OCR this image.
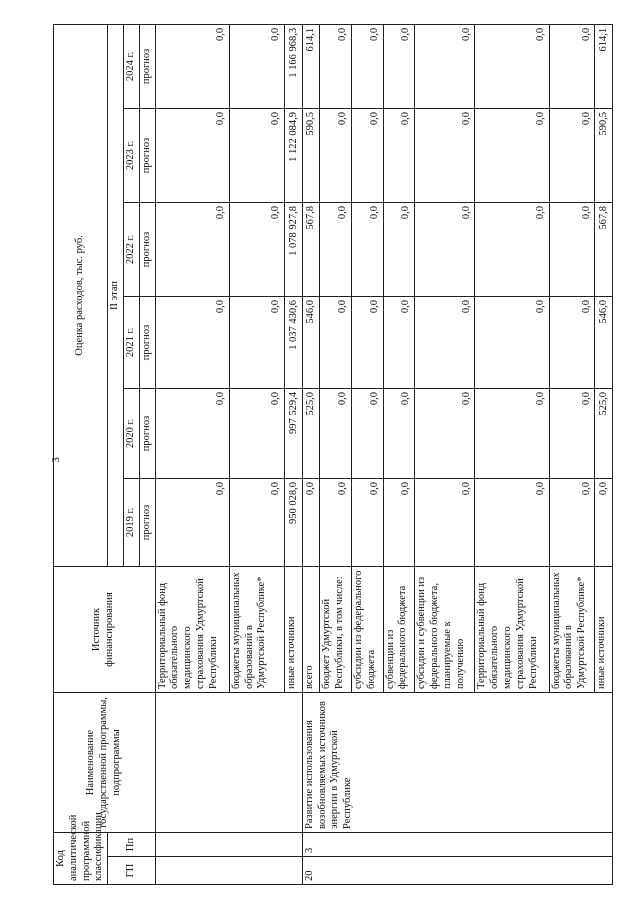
3
Код аналитической программной классификации		Наименование государственной программы, подпрограммы	Источник финансирования	Оценка расходов, тыс. руб.					
ГП	Пп			II этап					
				2019 г.	2020 г.	2021 г.	2022 г.	2023 г.	2024 г.
				прогноз	прогноз	прогноз	прогноз	прогноз	прогноз
			Территориальный фонд обязательного медицинского страхования Удмуртской Республики	0,0	0,0	0,0	0,0	0,0	0,0
			бюджеты муниципальных образований в Удмуртской Республике*	0,0	0,0	0,0	0,0	0,0	0,0
			иные источники	950 028,0	997 529,4	1 037 430,6	1 078 927,8	1 122 084,9	1 166 968,3
20	3	Развитие использования возобновляемых источников энергии в Удмуртской Республике	всего	0,0	525,0	546,0	567,8	590,5	614,1
			бюджет Удмуртской Республики, в том числе:	0,0	0,0	0,0	0,0	0,0	0,0
			субсидии из федерального бюджета	0,0	0,0	0,0	0,0	0,0	0,0
			субвенции из федерального бюджета	0,0	0,0	0,0	0,0	0,0	0,0
			субсидии и субвенции из федерального бюджета, планируемые к получению	0,0	0,0	0,0	0,0	0,0	0,0
			Территориальный фонд обязательного медицинского страхования Удмуртской Республики	0,0	0,0	0,0	0,0	0,0	0,0
			бюджеты муниципальных образований в Удмуртской Республике*	0,0	0,0	0,0	0,0	0,0	0,0
			иные источники	0,0	525,0	546,0	567,8	590,5	614,1
